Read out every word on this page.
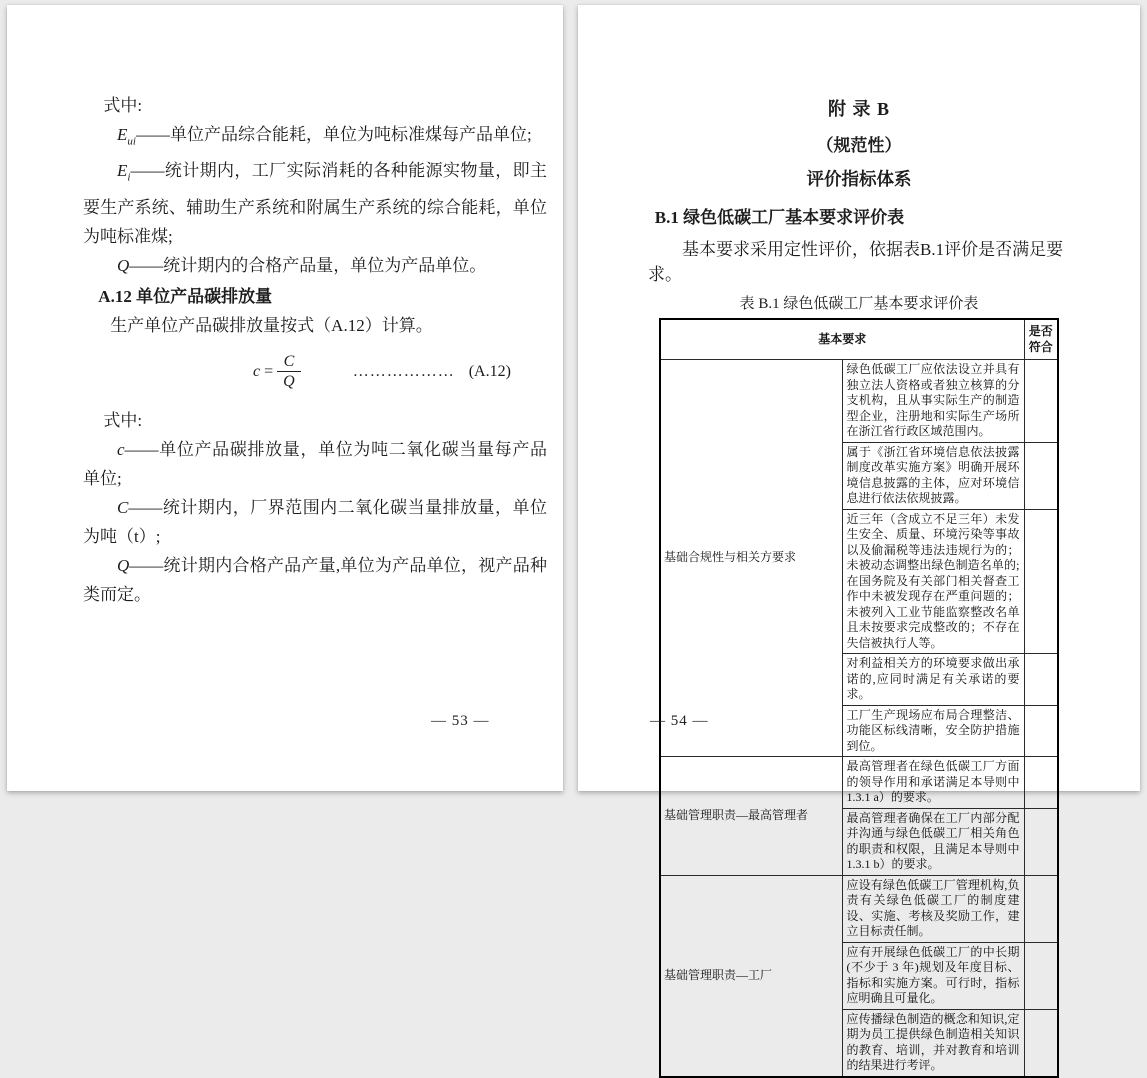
式中:

$E_{ui}——$单位产品综合能耗，单位为吨标准煤每产品单位;

$E_i——$统计期内，工厂实际消耗的各种能源实物量，即主要生产系统、辅助生产系统和附属生产系统的综合能耗，单位为吨标准煤;

Q——统计期内的合格产品量，单位为产品单位。

A.12 单位产品碳排放量

生产单位产品碳排放量按式（A.12）计算。

$c = \frac{C}{Q}$	……………… (A.12)

式中:

c——单位产品碳排放量，单位为吨二氧化碳当量每产品单位;

C——统计期内，厂界范围内二氧化碳当量排放量，单位为吨（t）;

Q——统计期内合格产品产量,单位为产品单位，视产品种类而定。

— 53 —

附 录 B

（规范性）

评价指标体系

B.1 绿色低碳工厂基本要求评价表

基本要求采用定性评价，依据表B.1评价是否满足要求。

表 B.1 绿色低碳工厂基本要求评价表

基本要求		是否符合
基础合规性与相关方要求	绿色低碳工厂应依法设立并具有独立法人资格或者独立核算的分支机构，且从事实际生产的制造型企业，注册地和实际生产场所在浙江省行政区域范围内。	
	属于《浙江省环境信息依法披露制度改革实施方案》明确开展环境信息披露的主体，应对环境信息进行依法依规披露。	
	近三年（含成立不足三年）未发生安全、质量、环境污染等事故以及偷漏税等违法违规行为的；未被动态调整出绿色制造名单的;在国务院及有关部门相关督查工作中未被发现存在严重问题的；未被列入工业节能监察整改名单且未按要求完成整改的；不存在失信被执行人等。	
	对利益相关方的环境要求做出承诺的,应同时满足有关承诺的要求。	
	工厂生产现场应布局合理整洁、功能区标线清晰，安全防护措施到位。	
基础管理职责—最高管理者	最高管理者在绿色低碳工厂方面的领导作用和承诺满足本导则中 1.3.1 a）的要求。	
	最高管理者确保在工厂内部分配并沟通与绿色低碳工厂相关角色的职责和权限，且满足本导则中 1.3.1 b）的要求。	
基础管理职责—工厂	应设有绿色低碳工厂管理机构,负责有关绿色低碳工厂的制度建设、实施、考核及奖励工作，建立目标责任制。	
	应有开展绿色低碳工厂的中长期(不少于 3 年)规划及年度目标、指标和实施方案。可行时，指标应明确且可量化。	
	应传播绿色制造的概念和知识,定期为员工提供绿色制造相关知识的教育、培训，并对教育和培训的结果进行考评。	
— 54 —
